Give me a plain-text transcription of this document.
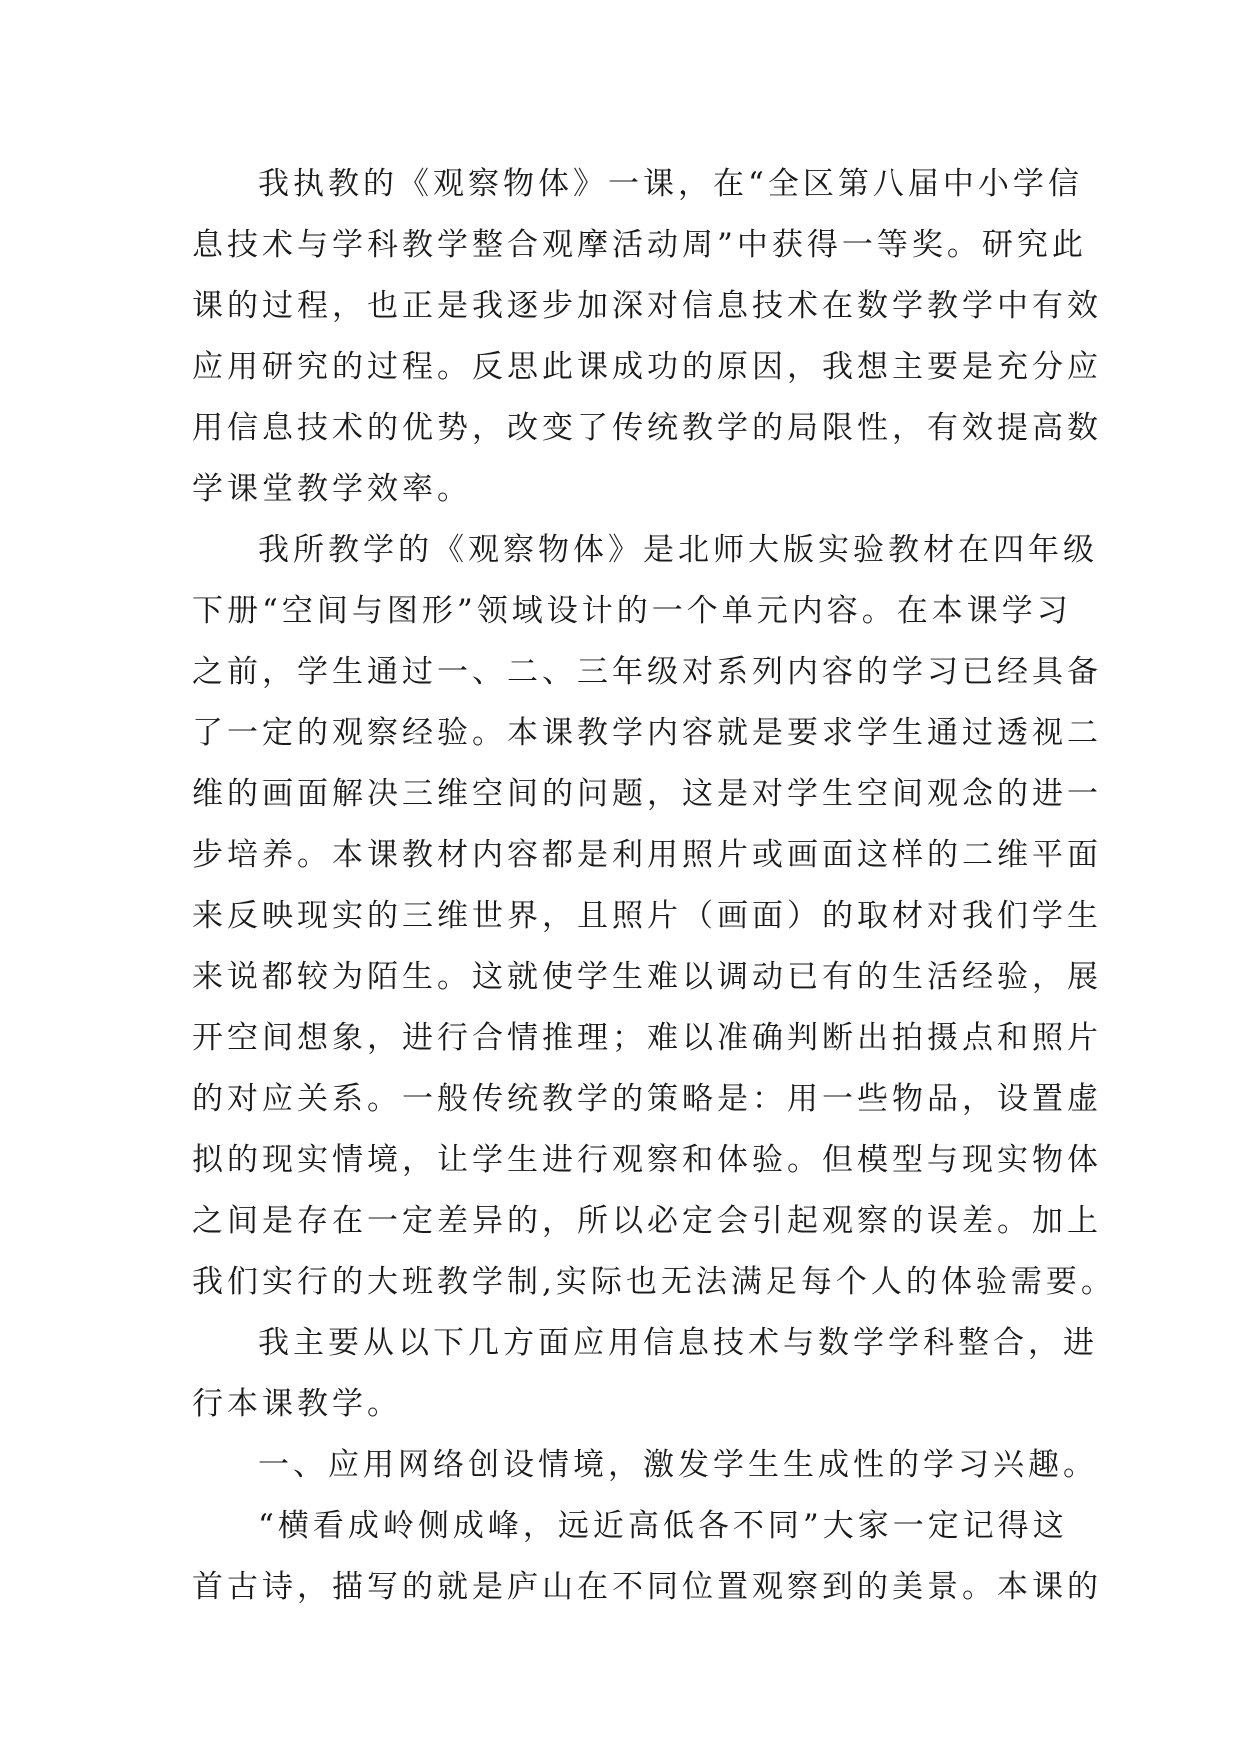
我执教的《观察物体》一课，在“全区第八届中小学信
息技术与学科教学整合观摩活动周”中获得一等奖。研究此
课的过程，也正是我逐步加深对信息技术在数学教学中有效
应用研究的过程。反思此课成功的原因，我想主要是充分应
用信息技术的优势，改变了传统教学的局限性，有效提高数
学课堂教学效率。

我所教学的《观察物体》是北师大版实验教材在四年级
下册“空间与图形”领域设计的一个单元内容。在本课学习
之前，学生通过一、二、三年级对系列内容的学习已经具备
了一定的观察经验。本课教学内容就是要求学生通过透视二
维的画面解决三维空间的问题，这是对学生空间观念的进一
步培养。本课教材内容都是利用照片或画面这样的二维平面
来反映现实的三维世界，且照片（画面）的取材对我们学生
来说都较为陌生。这就使学生难以调动已有的生活经验，展
开空间想象，进行合情推理；难以准确判断出拍摄点和照片
的对应关系。一般传统教学的策略是：用一些物品，设置虚
拟的现实情境，让学生进行观察和体验。但模型与现实物体
之间是存在一定差异的，所以必定会引起观察的误差。加上
我们实行的大班教学制,实际也无法满足每个人的体验需要。

我主要从以下几方面应用信息技术与数学学科整合，进
行本课教学。

一、应用网络创设情境，激发学生生成性的学习兴趣。

“横看成岭侧成峰，远近高低各不同”大家一定记得这
首古诗，描写的就是庐山在不同位置观察到的美景。本课的
